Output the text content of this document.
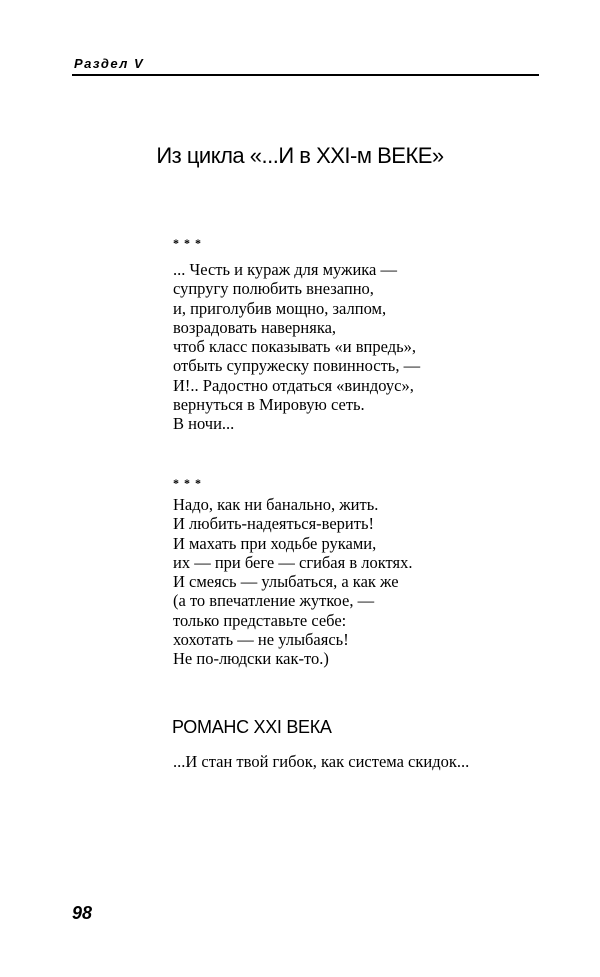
Раздел V
Из цикла «...И в XXI-м ВЕКЕ»
* * *
... Честь и кураж для мужика —
супругу полюбить внезапно,
и, приголубив мощно, залпом,
возрадовать наверняка,
чтоб класс показывать «и впредь»,
отбыть супружеску повинность, —
И!.. Радостно отдаться «виндоус»,
вернуться в Мировую сеть.
В ночи...
* * *
Надо, как ни банально, жить.
И любить-надеяться-верить!
И махать при ходьбе руками,
их — при беге — сгибая в локтях.
И смеясь — улыбаться, а как же
(а то впечатление жуткое, —
только представьте себе:
хохотать — не улыбаясь!
Не по-людски как-то.)
РОМАНС XXI ВЕКА
...И стан твой гибок, как система скидок...
98
